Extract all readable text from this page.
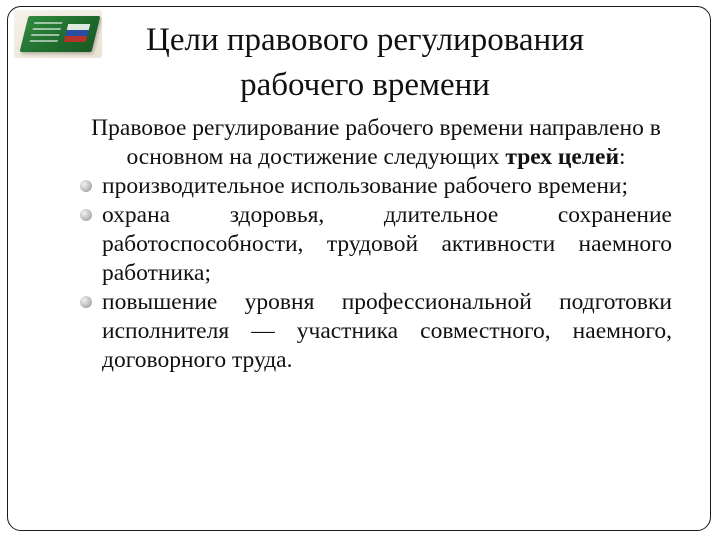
Цели правового регулирования
рабочего времени
Правовое регулирование рабочего времени направлено в основном на достижение следующих трех целей:
производительное использование рабочего времени;
охрана здоровья, длительное сохранение работоспособности, трудовой активности наемного работника;
повышение уровня профессиональной подготовки исполнителя — участника совместного, наемного, договорного труда.
